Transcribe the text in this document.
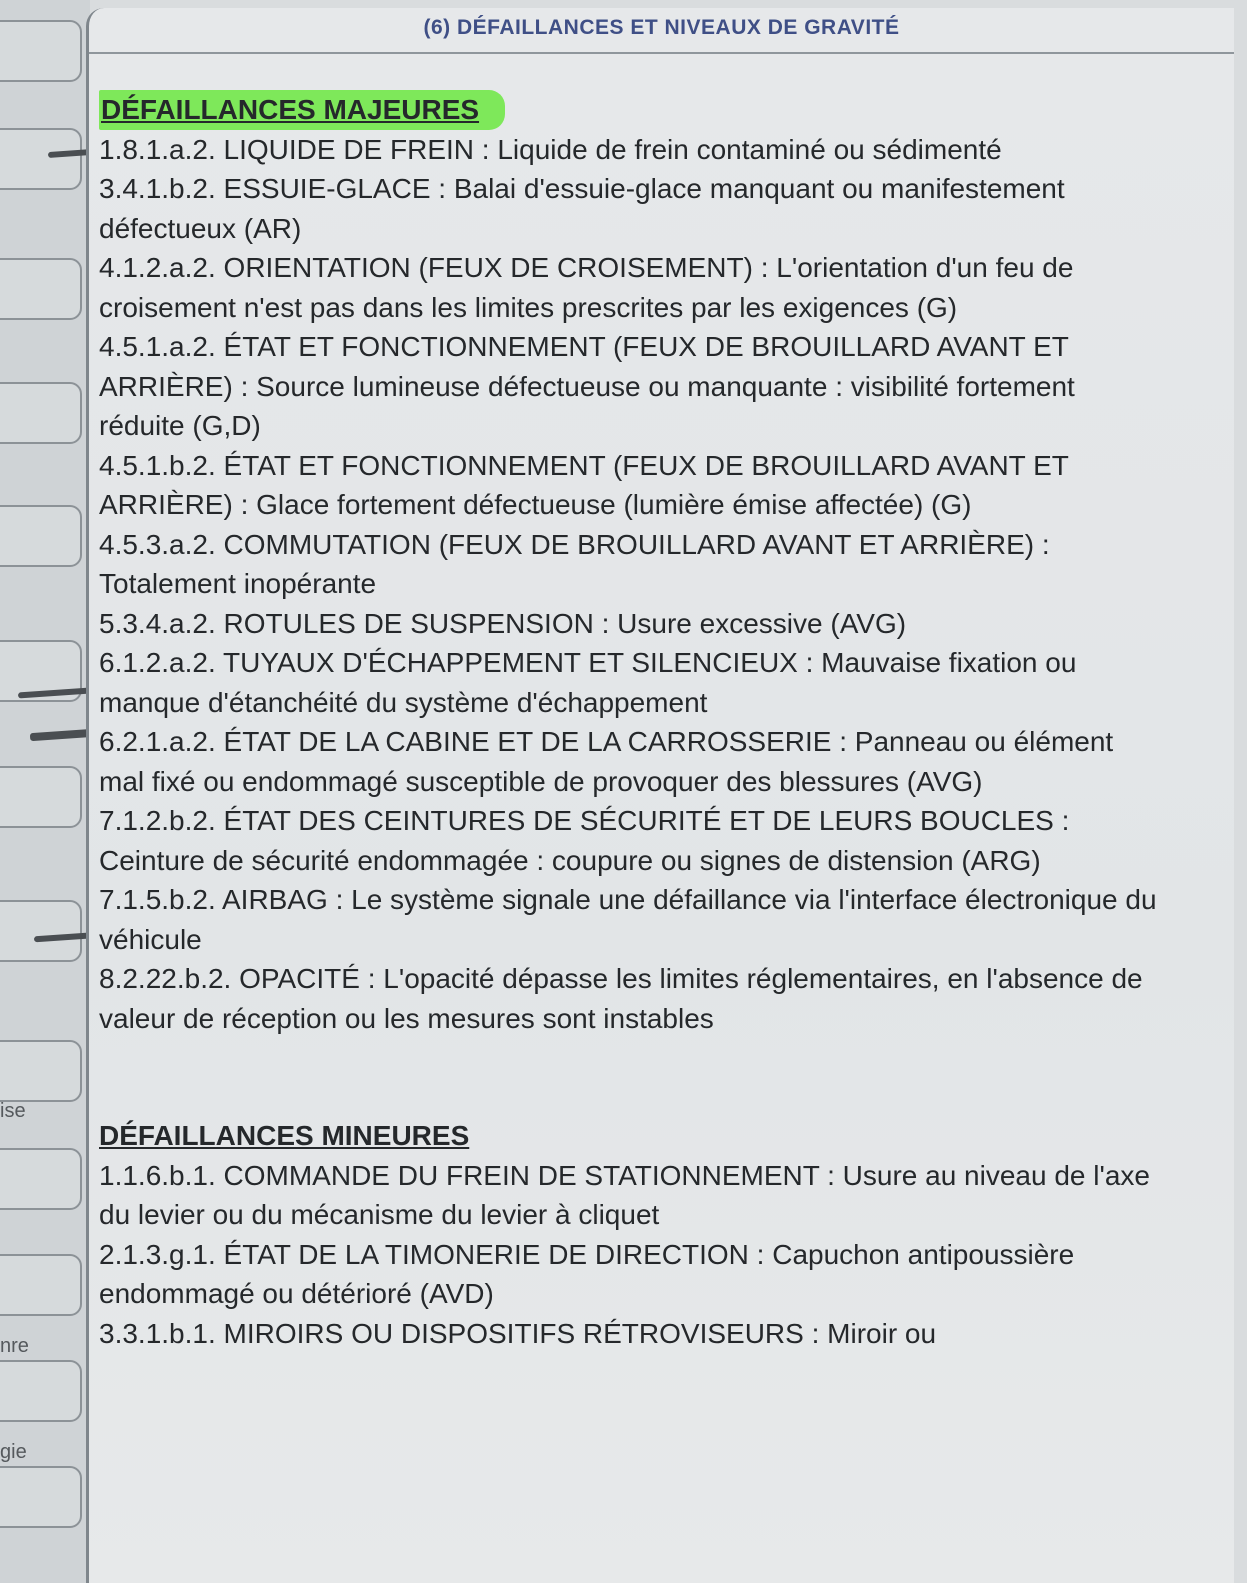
ise
nre
gie
(6) DÉFAILLANCES ET NIVEAUX DE GRAVITÉ

DÉFAILLANCES MAJEURES

1.8.1.a.2. LIQUIDE DE FREIN : Liquide de frein contaminé ou sédimenté

3.4.1.b.2. ESSUIE-GLACE : Balai d'essuie-glace manquant ou manifestement défectueux (AR)

4.1.2.a.2. ORIENTATION (FEUX DE CROISEMENT) : L'orientation d'un feu de croisement n'est pas dans les limites prescrites par les exigences (G)

4.5.1.a.2. ÉTAT ET FONCTIONNEMENT (FEUX DE BROUILLARD AVANT ET ARRIÈRE) : Source lumineuse défectueuse ou manquante : visibilité fortement réduite (G,D)

4.5.1.b.2. ÉTAT ET FONCTIONNEMENT (FEUX DE BROUILLARD AVANT ET ARRIÈRE) : Glace fortement défectueuse (lumière émise affectée) (G)

4.5.3.a.2. COMMUTATION (FEUX DE BROUILLARD AVANT ET ARRIÈRE) : Totalement inopérante

5.3.4.a.2. ROTULES DE SUSPENSION : Usure excessive (AVG)

6.1.2.a.2. TUYAUX D'ÉCHAPPEMENT ET SILENCIEUX : Mauvaise fixation ou manque d'étanchéité du système d'échappement

6.2.1.a.2. ÉTAT DE LA CABINE ET DE LA CARROSSERIE : Panneau ou élément mal fixé ou endommagé susceptible de provoquer des blessures (AVG)

7.1.2.b.2. ÉTAT DES CEINTURES DE SÉCURITÉ ET DE LEURS BOUCLES : Ceinture de sécurité endommagée : coupure ou signes de distension (ARG)

7.1.5.b.2. AIRBAG : Le système signale une défaillance via l'interface électronique du véhicule

8.2.22.b.2. OPACITÉ : L'opacité dépasse les limites réglementaires, en l'absence de valeur de réception ou les mesures sont instables

DÉFAILLANCES MINEURES

1.1.6.b.1. COMMANDE DU FREIN DE STATIONNEMENT : Usure au niveau de l'axe du levier ou du mécanisme du levier à cliquet

2.1.3.g.1. ÉTAT DE LA TIMONERIE DE DIRECTION : Capuchon antipoussière endommagé ou détérioré (AVD)

3.3.1.b.1. MIROIRS OU DISPOSITIFS RÉTROVISEURS : Miroir ou
